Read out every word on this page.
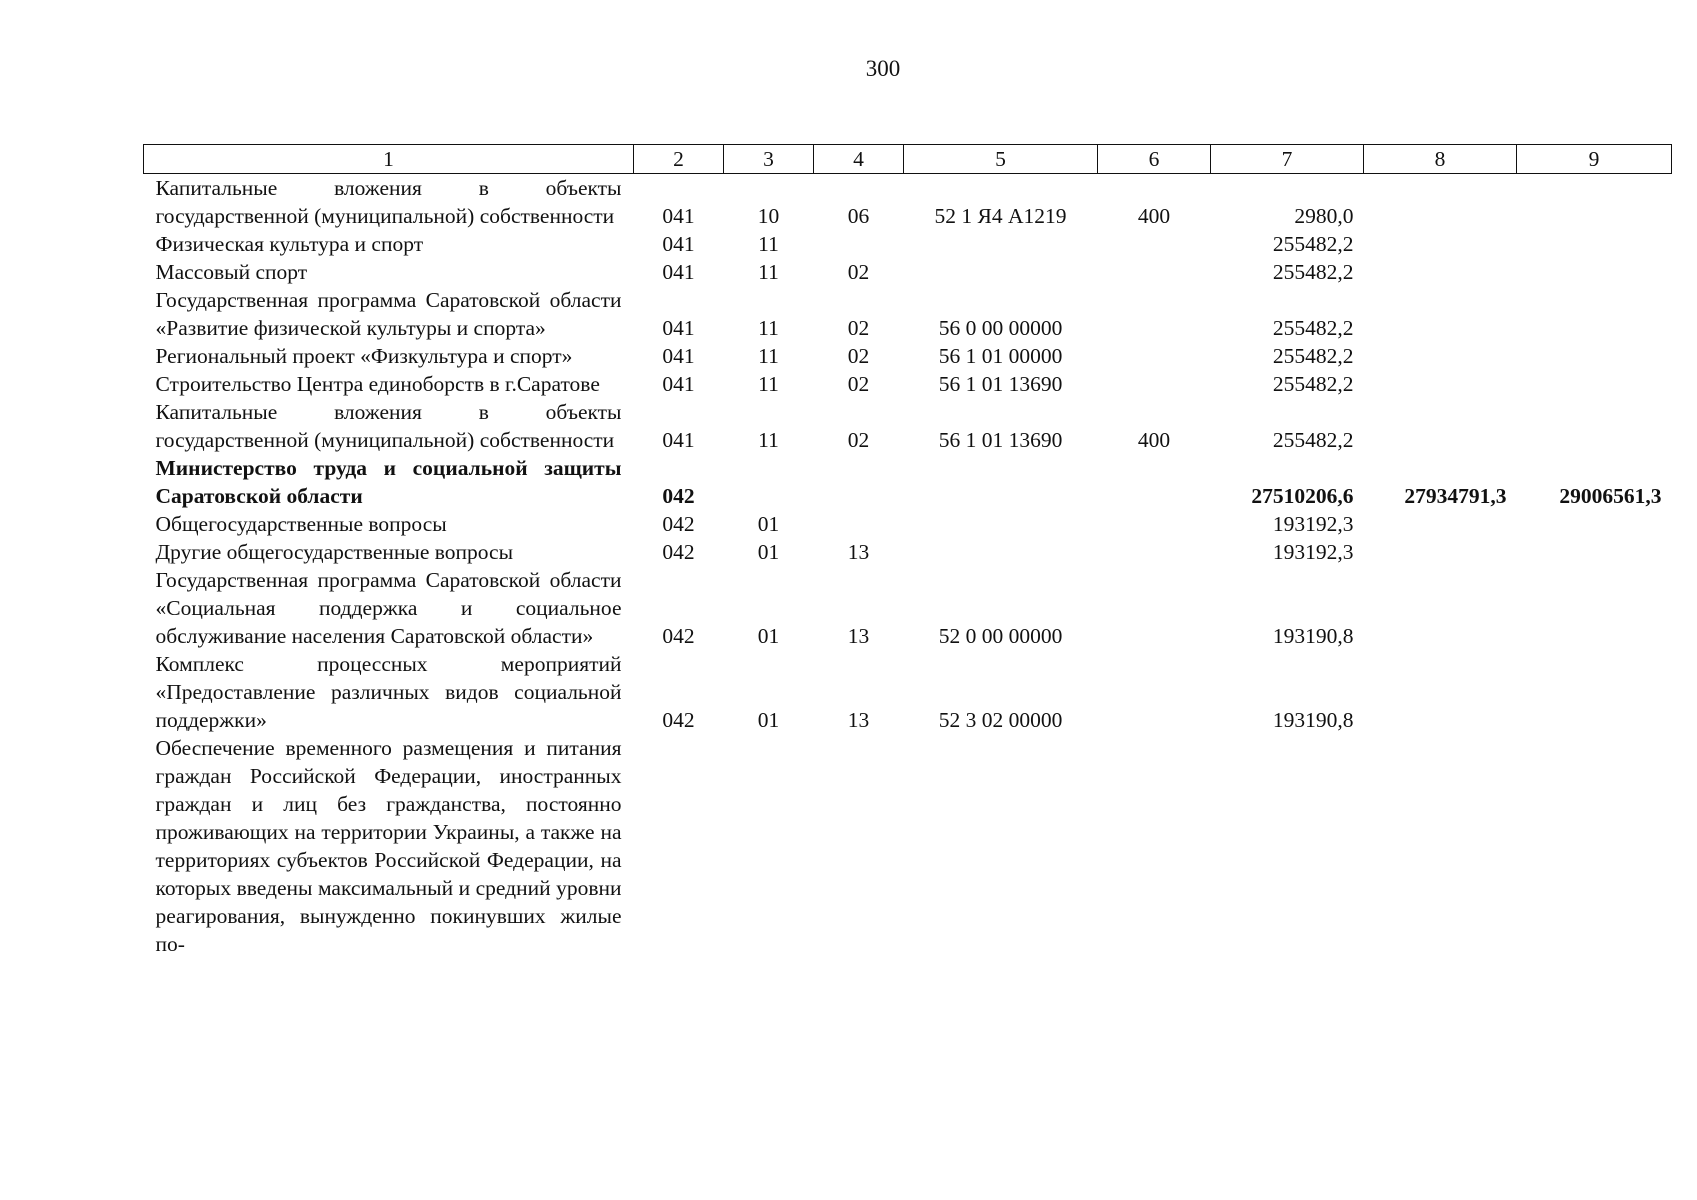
300
1	2	3	4	5	6	7	8	9
Капитальные вложения в объекты государственной (муниципальной) собственности	041	10	06	52 1 Я4 А1219	400	2980,0		
Физическая культура и спорт	041	11				255482,2		
Массовый спорт	041	11	02			255482,2		
Государственная программа Саратовской области «Развитие физической культуры и спорта»	041	11	02	56 0 00 00000		255482,2		
Региональный проект «Физкультура и спорт»	041	11	02	56 1 01 00000		255482,2		
Строительство Центра единоборств в г.Саратове	041	11	02	56 1 01 13690		255482,2		
Капитальные вложения в объекты государственной (муниципальной) собственности	041	11	02	56 1 01 13690	400	255482,2		
Министерство труда и социальной защиты Саратовской области	042					27510206,6	27934791,3	29006561,3
Общегосударственные вопросы	042	01				193192,3		
Другие общегосударственные вопросы	042	01	13			193192,3		
Государственная программа Саратовской области «Социальная поддержка и социальное обслуживание населения Саратовской области»	042	01	13	52 0 00 00000		193190,8		
Комплекс процессных мероприятий «Предоставление различных видов социальной поддержки»	042	01	13	52 3 02 00000		193190,8		
Обеспечение временного размещения и питания граждан Российской Федерации, иностранных граждан и лиц без гражданства, постоянно проживающих на территории Украины, а также на территориях субъектов Российской Федерации, на которых введены максимальный и средний уровни реагирования, вынужденно покинувших жилые по-								
